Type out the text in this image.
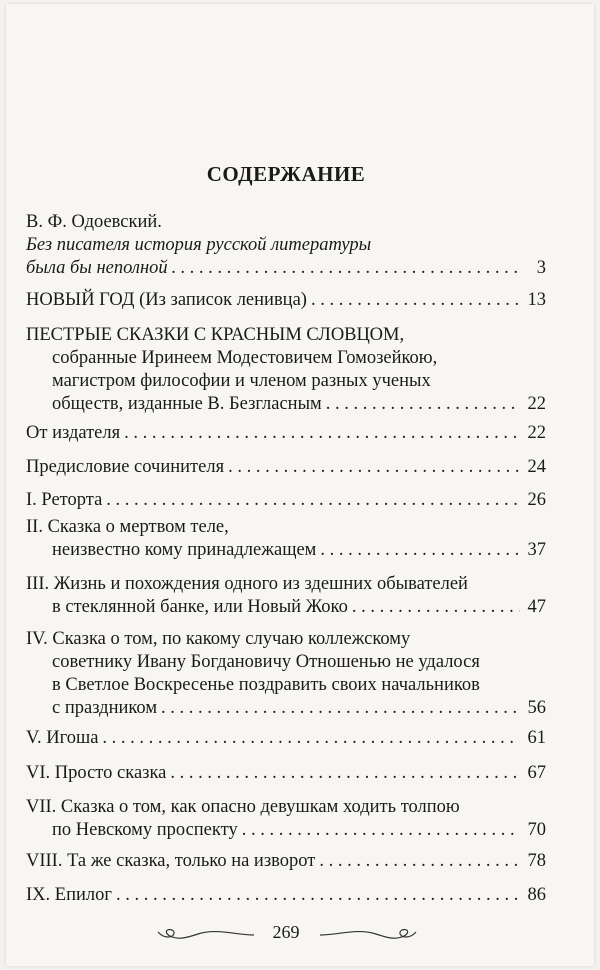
СОДЕРЖАНИЕ
В. Ф. Одоевский.
Без писателя история русской литературы
была бы неполной . . .	3
НОВЫЙ ГОД (Из записок ленивца) . . .	13
ПЕСТРЫЕ СКАЗКИ С КРАСНЫМ СЛОВЦОМ,
собранные Иринеем Модестовичем Гомозейкою,
магистром философии и членом разных ученых
обществ, изданные В. Безгласным . . .	22
От издателя . . .	22
Предисловие сочинителя . . .	24
I. Реторта . . .	26
II. Сказка о мертвом теле,
неизвестно кому принадлежащем . . .	37
III. Жизнь и похождения одного из здешних обывателей
в стеклянной банке, или Новый Жоко . . .	47
IV. Сказка о том, по какому случаю коллежскому
советнику Ивану Богдановичу Отношенью не удалося
в Светлое Воскресенье поздравить своих начальников
с праздником . . .	56
V. Игоша . . .	61
VI. Просто сказка . . .	67
VII. Сказка о том, как опасно девушкам ходить толпою
по Невскому проспекту . . .	70
VIII. Та же сказка, только на изворот . . .	78
IX. Епилог . . .	86
269
